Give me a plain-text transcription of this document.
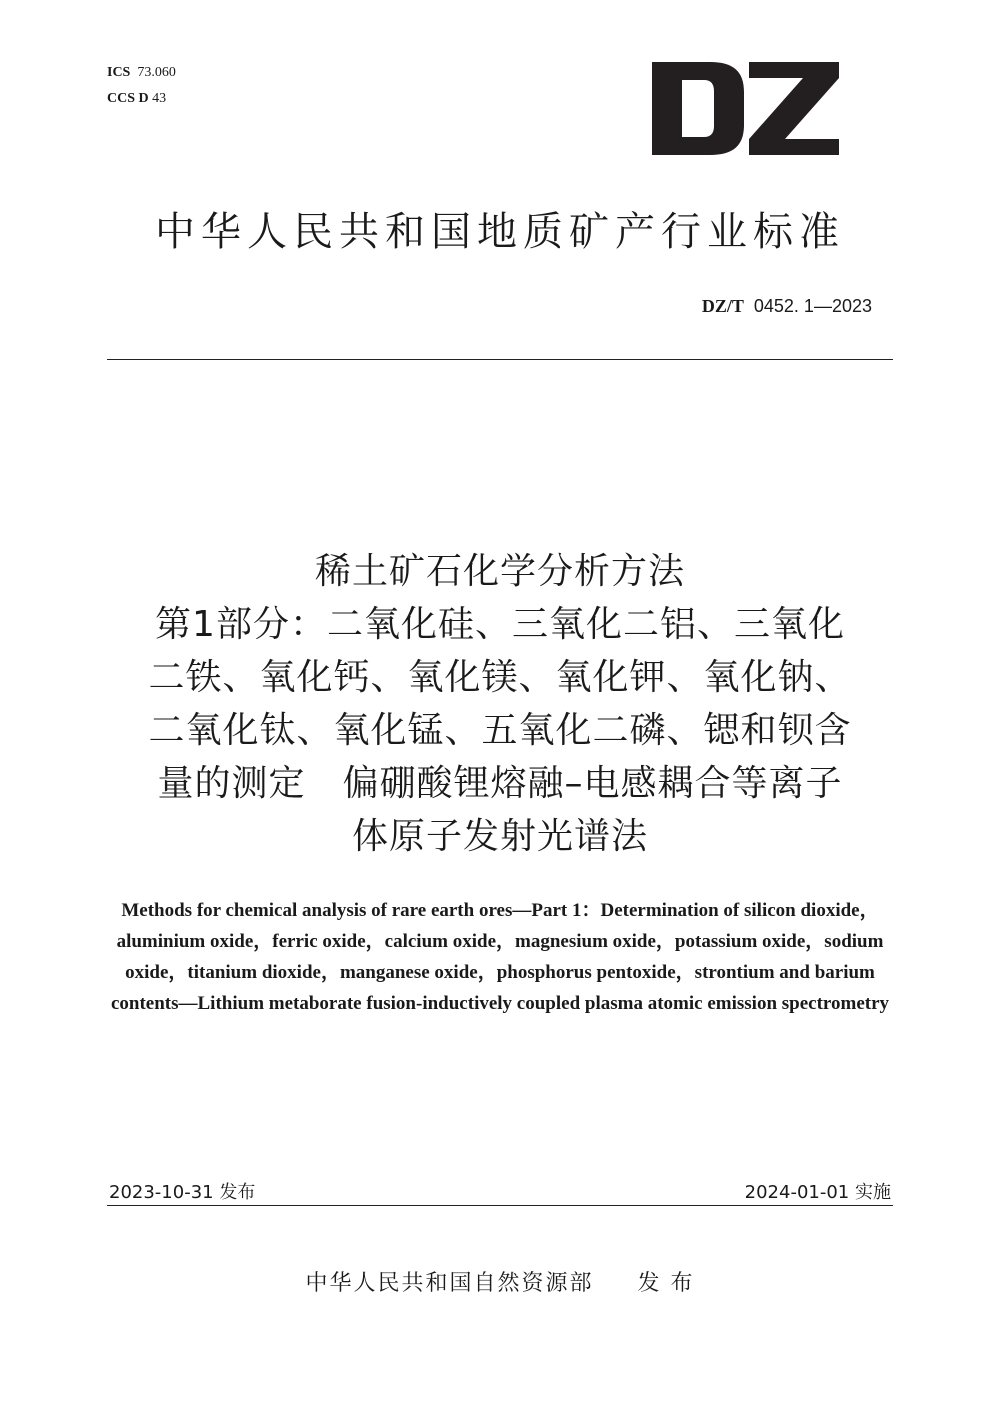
ICS 73.060
CCS D 43
中华人民共和国地质矿产行业标准
DZ/T 0452. 1—2023
稀土矿石化学分析方法
第1部分：二氧化硅、三氧化二铝、三氧化
二铁、氧化钙、氧化镁、氧化钾、氧化钠、
二氧化钛、氧化锰、五氧化二磷、锶和钡含
量的测定　偏硼酸锂熔融–电感耦合等离子
体原子发射光谱法
Methods for chemical analysis of rare earth ores—Part 1：Determination of silicon dioxide，
aluminium oxide，ferric oxide，calcium oxide，magnesium oxide，potassium oxide，sodium
oxide，titanium dioxide，manganese oxide，phosphorus pentoxide，strontium and barium
contents—Lithium metaborate fusion-inductively coupled plasma atomic emission spectrometry
2023-10-31 发布	2024-01-01 实施
中华人民共和国自然资源部 发 布
